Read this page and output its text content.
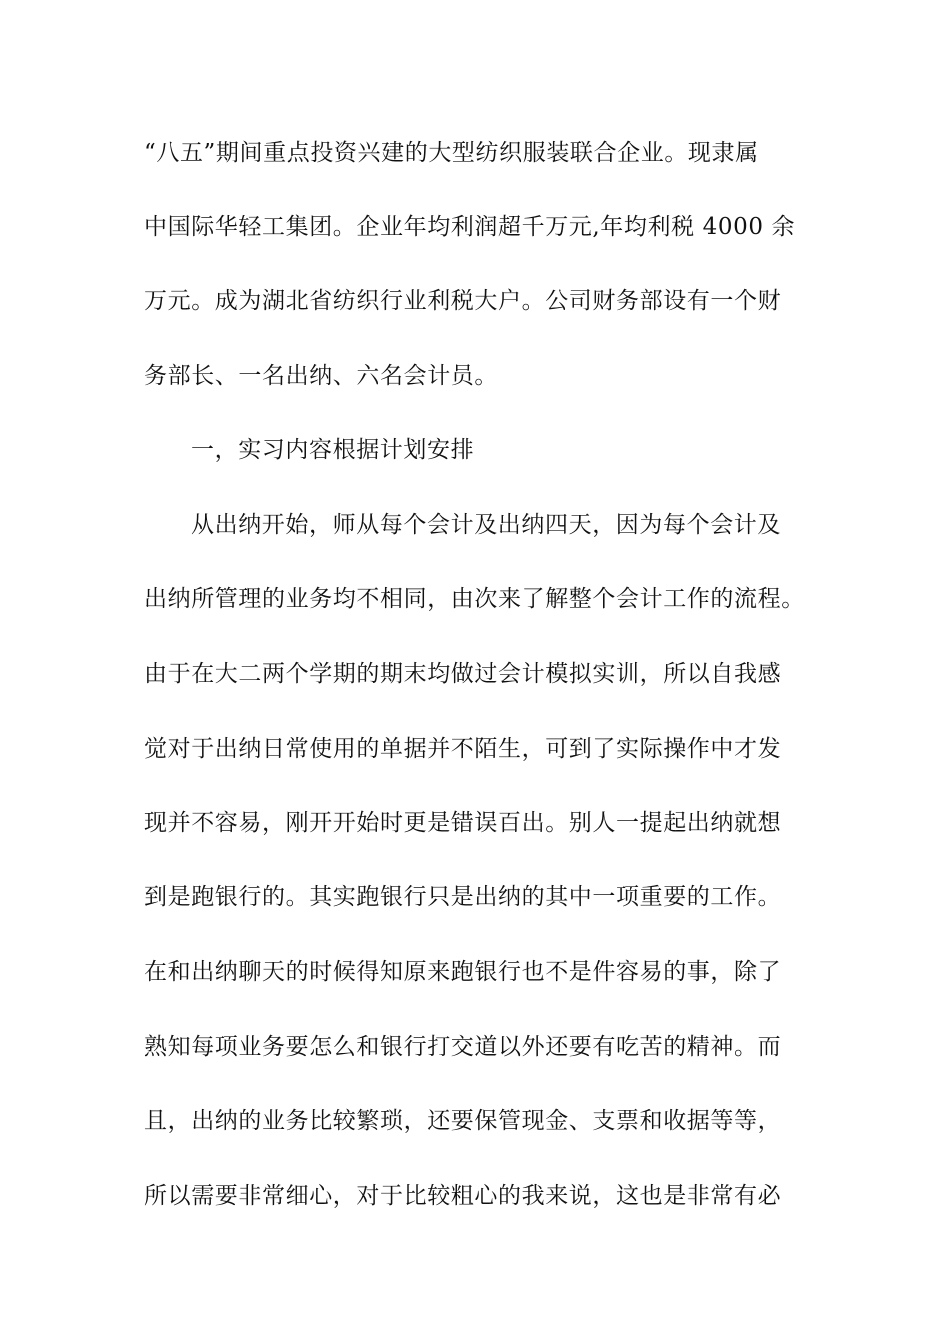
“八五”期间重点投资兴建的大型纺织服装联合企业。现隶属
中国际华轻工集团。企业年均利润超千万元,年均利税 4000 余
万元。成为湖北省纺织行业利税大户。公司财务部设有一个财
务部长、一名出纳、六名会计员。
一，实习内容根据计划安排
从出纳开始，师从每个会计及出纳四天，因为每个会计及
出纳所管理的业务均不相同，由次来了解整个会计工作的流程。
由于在大二两个学期的期末均做过会计模拟实训，所以自我感
觉对于出纳日常使用的单据并不陌生，可到了实际操作中才发
现并不容易，刚开开始时更是错误百出。别人一提起出纳就想
到是跑银行的。其实跑银行只是出纳的其中一项重要的工作。
在和出纳聊天的时候得知原来跑银行也不是件容易的事，除了
熟知每项业务要怎么和银行打交道以外还要有吃苦的精神。而
且，出纳的业务比较繁琐，还要保管现金、支票和收据等等，
所以需要非常细心，对于比较粗心的我来说，这也是非常有必
